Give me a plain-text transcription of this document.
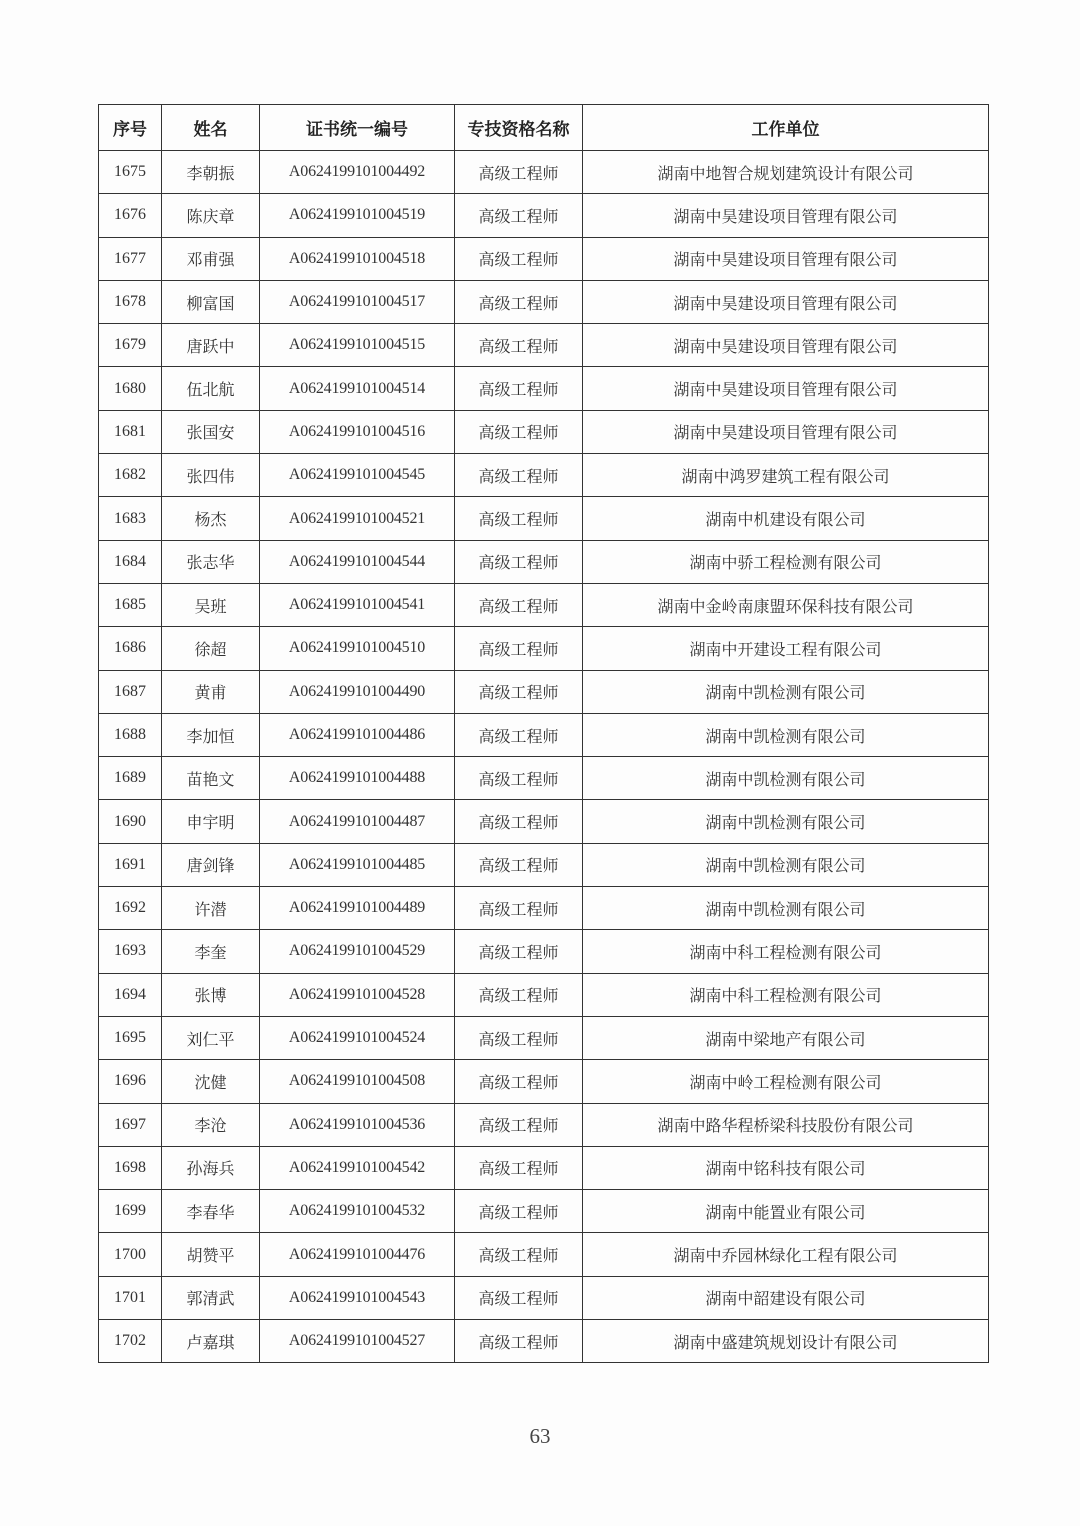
序号	姓名	证书统一编号	专技资格名称	工作单位
1675	李朝振	A0624199101004492	高级工程师	湖南中地智合规划建筑设计有限公司
1676	陈庆章	A0624199101004519	高级工程师	湖南中昊建设项目管理有限公司
1677	邓甫强	A0624199101004518	高级工程师	湖南中昊建设项目管理有限公司
1678	柳富国	A0624199101004517	高级工程师	湖南中昊建设项目管理有限公司
1679	唐跃中	A0624199101004515	高级工程师	湖南中昊建设项目管理有限公司
1680	伍北航	A0624199101004514	高级工程师	湖南中昊建设项目管理有限公司
1681	张国安	A0624199101004516	高级工程师	湖南中昊建设项目管理有限公司
1682	张四伟	A0624199101004545	高级工程师	湖南中鸿罗建筑工程有限公司
1683	杨杰	A0624199101004521	高级工程师	湖南中机建设有限公司
1684	张志华	A0624199101004544	高级工程师	湖南中骄工程检测有限公司
1685	吴班	A0624199101004541	高级工程师	湖南中金岭南康盟环保科技有限公司
1686	徐超	A0624199101004510	高级工程师	湖南中开建设工程有限公司
1687	黄甫	A0624199101004490	高级工程师	湖南中凯检测有限公司
1688	李加恒	A0624199101004486	高级工程师	湖南中凯检测有限公司
1689	苗艳文	A0624199101004488	高级工程师	湖南中凯检测有限公司
1690	申宇明	A0624199101004487	高级工程师	湖南中凯检测有限公司
1691	唐剑锋	A0624199101004485	高级工程师	湖南中凯检测有限公司
1692	许潜	A0624199101004489	高级工程师	湖南中凯检测有限公司
1693	李奎	A0624199101004529	高级工程师	湖南中科工程检测有限公司
1694	张博	A0624199101004528	高级工程师	湖南中科工程检测有限公司
1695	刘仁平	A0624199101004524	高级工程师	湖南中梁地产有限公司
1696	沈健	A0624199101004508	高级工程师	湖南中岭工程检测有限公司
1697	李沧	A0624199101004536	高级工程师	湖南中路华程桥梁科技股份有限公司
1698	孙海兵	A0624199101004542	高级工程师	湖南中铭科技有限公司
1699	李春华	A0624199101004532	高级工程师	湖南中能置业有限公司
1700	胡赞平	A0624199101004476	高级工程师	湖南中乔园林绿化工程有限公司
1701	郭清武	A0624199101004543	高级工程师	湖南中韶建设有限公司
1702	卢嘉琪	A0624199101004527	高级工程师	湖南中盛建筑规划设计有限公司
63
